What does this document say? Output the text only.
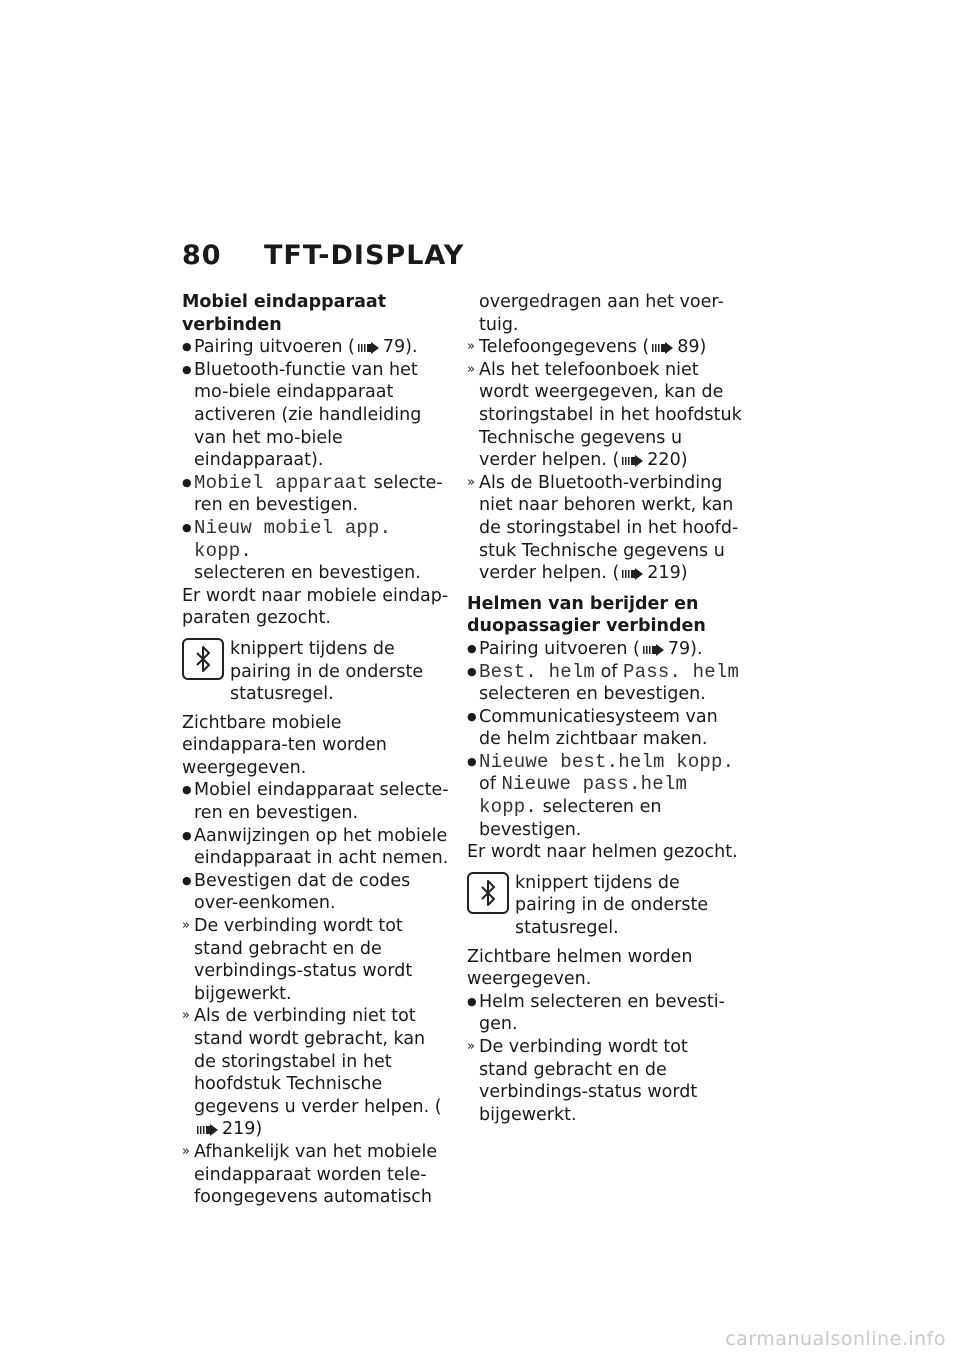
80 TFT-DISPLAY
Mobiel eindapparaat
verbinden
● Pairing uitvoeren ( 79).
● Bluetooth-functie van het mo-biele eindapparaat activeren (zie handleiding van het mo-biele eindapparaat).
● Mobiel apparaat selecte-ren en bevestigen.
● Nieuw mobiel app. kopp.
selecteren en bevestigen.
Er wordt naar mobiele eindap-paraten gezocht.
knippert tijdens de pairing in de onderste statusregel.
Zichtbare mobiele eindappara-ten worden weergegeven.
● Mobiel eindapparaat selecte-ren en bevestigen.
● Aanwijzingen op het mobiele eindapparaat in acht nemen.
● Bevestigen dat de codes over-eenkomen.
» De verbinding wordt tot stand gebracht en de verbindings-status wordt bijgewerkt.
» Als de verbinding niet tot stand wordt gebracht, kan de storingstabel in het hoofdstuk Technische gegevens u verder helpen. (219)
» Afhankelijk van het mobiele eindapparaat worden tele-foongegevens automatisch
overgedragen aan het voer-tuig.
» Telefoongegevens ( 89)
» Als het telefoonboek niet wordt weergegeven, kan de storingstabel in het hoofdstuk Technische gegevens u verder helpen. ( 220)
» Als de Bluetooth-verbinding niet naar behoren werkt, kan de storingstabel in het hoofd-stuk Technische gegevens u verder helpen. ( 219)
Helmen van berijder en
duopassagier verbinden
● Pairing uitvoeren ( 79).
● Best. helm of Pass. helm
selecteren en bevestigen.
● Communicatiesysteem van de helm zichtbaar maken.
● Nieuwe best.helm kopp.
of Nieuwe pass.helm kopp. selecteren en bevestigen.
Er wordt naar helmen gezocht.
knippert tijdens de pairing in de onderste statusregel.
Zichtbare helmen worden weergegeven.
● Helm selecteren en bevesti-gen.
» De verbinding wordt tot stand gebracht en de verbindings-status wordt bijgewerkt.
carmanualsonline.info
